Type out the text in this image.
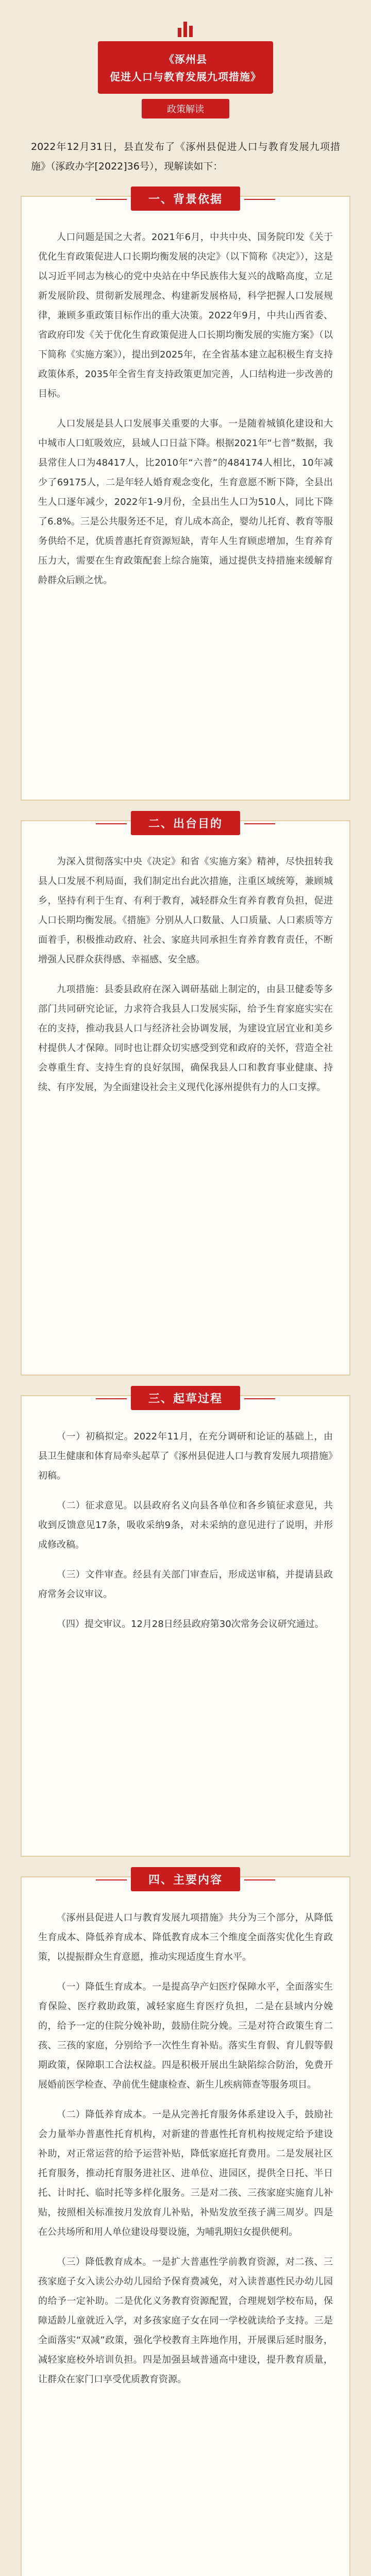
《涿州县
促进人口与教育发展九项措施》
政策解读
2022年12月31日，县直发布了《涿州县促进人口与教育发展九项措施》（涿政办字[2022]36号），现解读如下：
一、背景依据

人口问题是国之大者。2021年6月，中共中央、国务院印发《关于优化生育政策促进人口长期均衡发展的决定》（以下简称《决定》），这是以习近平同志为核心的党中央站在中华民族伟大复兴的战略高度，立足新发展阶段、贯彻新发展理念、构建新发展格局，科学把握人口发展规律，兼顾多重政策目标作出的重大决策。2022年9月，中共山西省委、省政府印发《关于优化生育政策促进人口长期均衡发展的实施方案》（以下简称《实施方案》），提出到2025年，在全省基本建立起积极生育支持政策体系，2035年全省生育支持政策更加完善，人口结构进一步改善的目标。

人口发展是县人口发展事关重要的大事。一是随着城镇化建设和大中城市人口虹吸效应，县域人口日益下降。根据2021年“七普”数据，我县常住人口为48417人，比2010年“六普”的484174人相比，10年减少了69175人，二是年轻人婚育观念变化，生育意愿不断下降，全县出生人口逐年减少，2022年1-9月份，全县出生人口为510人，同比下降了6.8%。三是公共服务还不足，育儿成本高企，婴幼儿托育、教育等服务供给不足，优质普惠托育资源短缺，青年人生育顾虑增加，生育养育压力大，需要在生育政策配套上综合施策，通过提供支持措施来缓解育龄群众后顾之忧。

二、出台目的

为深入贯彻落实中央《决定》和省《实施方案》精神，尽快扭转我县人口发展不利局面，我们制定出台此次措施，注重区域统筹，兼顾城乡，坚持有利于生育、有利于教育，减轻群众生育养育教育负担，促进人口长期均衡发展。《措施》分别从人口数量、人口质量、人口素质等方面着手，积极推动政府、社会、家庭共同承担生育养育教育责任，不断增强人民群众获得感、幸福感、安全感。

九项措施：县委县政府在深入调研基础上制定的，由县卫健委等多部门共同研究论证，力求符合我县人口发展实际，给予生育家庭实实在在的支持，推动我县人口与经济社会协调发展，为建设宜居宜业和美乡村提供人才保障。同时也让群众切实感受到党和政府的关怀，营造全社会尊重生育、支持生育的良好氛围，确保我县人口和教育事业健康、持续、有序发展，为全面建设社会主义现代化涿州提供有力的人口支撑。

三、起草过程

（一）初稿拟定。2022年11月，在充分调研和论证的基础上，由县卫生健康和体育局牵头起草了《涿州县促进人口与教育发展九项措施》初稿。

（二）征求意见。以县政府名义向县各单位和各乡镇征求意见，共收到反馈意见17条，吸收采纳9条，对未采纳的意见进行了说明，并形成修改稿。

（三）文件审查。经县有关部门审查后，形成送审稿，并提请县政府常务会议审议。

（四）提交审议。12月28日经县政府第30次常务会议研究通过。

四、主要内容

《涿州县促进人口与教育发展九项措施》共分为三个部分，从降低生育成本、降低养育成本、降低教育成本三个维度全面落实优化生育政策，以提振群众生育意愿，推动实现适度生育水平。

（一）降低生育成本。一是提高孕产妇医疗保障水平，全面落实生育保险、医疗救助政策，减轻家庭生育医疗负担，二是在县域内分娩的，给予一定的住院分娩补助，鼓励住院分娩。三是对符合政策生育二孩、三孩的家庭，分别给予一次性生育补贴。落实生育假、育儿假等假期政策，保障职工合法权益。四是积极开展出生缺陷综合防治，免费开展婚前医学检查、孕前优生健康检查、新生儿疾病筛查等服务项目。

（二）降低养育成本。一是从完善托育服务体系建设入手，鼓励社会力量举办普惠性托育机构，对新建的普惠性托育机构按规定给予建设补助，对正常运营的给予运营补贴，降低家庭托育费用。二是发展社区托育服务，推动托育服务进社区、进单位、进园区，提供全日托、半日托、计时托、临时托等多样化服务。三是对二孩、三孩家庭实施育儿补贴，按照相关标准按月发放育儿补贴，补贴发放至孩子满三周岁。四是在公共场所和用人单位建设母婴设施，为哺乳期妇女提供便利。

（三）降低教育成本。一是扩大普惠性学前教育资源，对二孩、三孩家庭子女入读公办幼儿园给予保育费减免，对入读普惠性民办幼儿园的给予一定补助。二是优化义务教育资源配置，合理规划学校布局，保障适龄儿童就近入学，对多孩家庭子女在同一学校就读给予支持。三是全面落实“双减”政策，强化学校教育主阵地作用，开展课后延时服务，减轻家庭校外培训负担。四是加强县域普通高中建设，提升教育质量，让群众在家门口享受优质教育资源。
